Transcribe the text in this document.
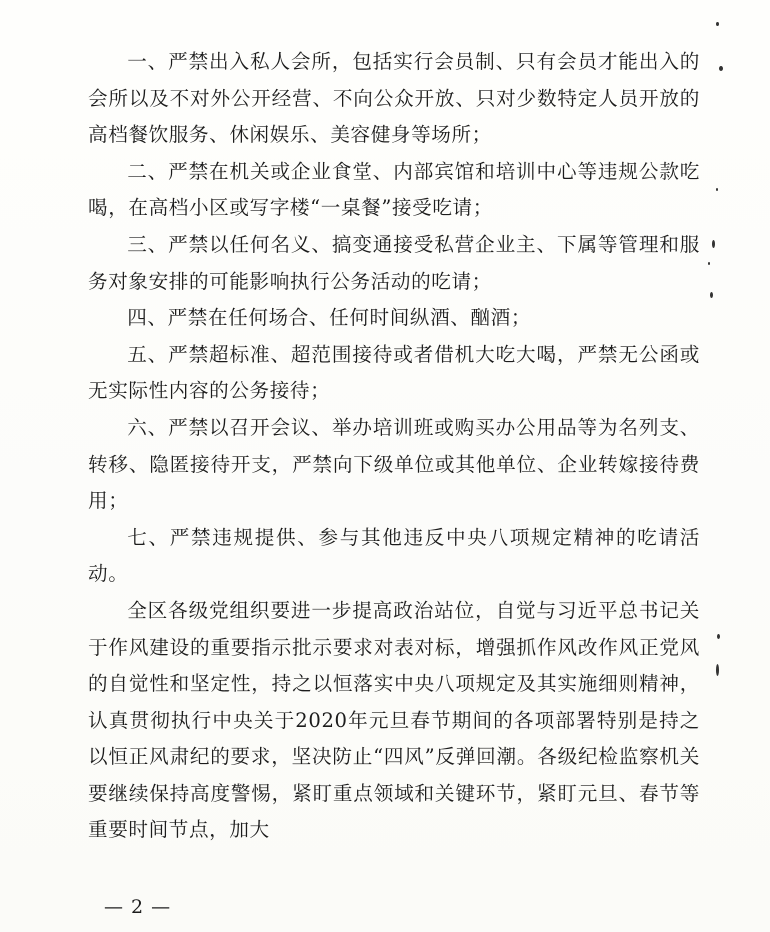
一、严禁出入私人会所，包括实行会员制、只有会员才能出入的会所以及不对外公开经营、不向公众开放、只对少数特定人员开放的高档餐饮服务、休闲娱乐、美容健身等场所；

二、严禁在机关或企业食堂、内部宾馆和培训中心等违规公款吃喝，在高档小区或写字楼“一桌餐”接受吃请；

三、严禁以任何名义、搞变通接受私营企业主、下属等管理和服务对象安排的可能影响执行公务活动的吃请；

四、严禁在任何场合、任何时间纵酒、酗酒；

五、严禁超标准、超范围接待或者借机大吃大喝，严禁无公函或无实际性内容的公务接待；

六、严禁以召开会议、举办培训班或购买办公用品等为名列支、转移、隐匿接待开支，严禁向下级单位或其他单位、企业转嫁接待费用；

七、严禁违规提供、参与其他违反中央八项规定精神的吃请活动。

全区各级党组织要进一步提高政治站位，自觉与习近平总书记关于作风建设的重要指示批示要求对表对标，增强抓作风改作风正党风的自觉性和坚定性，持之以恒落实中央八项规定及其实施细则精神，认真贯彻执行中央关于2020年元旦春节期间的各项部署特别是持之以恒正风肃纪的要求，坚决防止“四风”反弹回潮。各级纪检监察机关要继续保持高度警惕，紧盯重点领域和关键环节，紧盯元旦、春节等重要时间节点，加大

— 2 —
